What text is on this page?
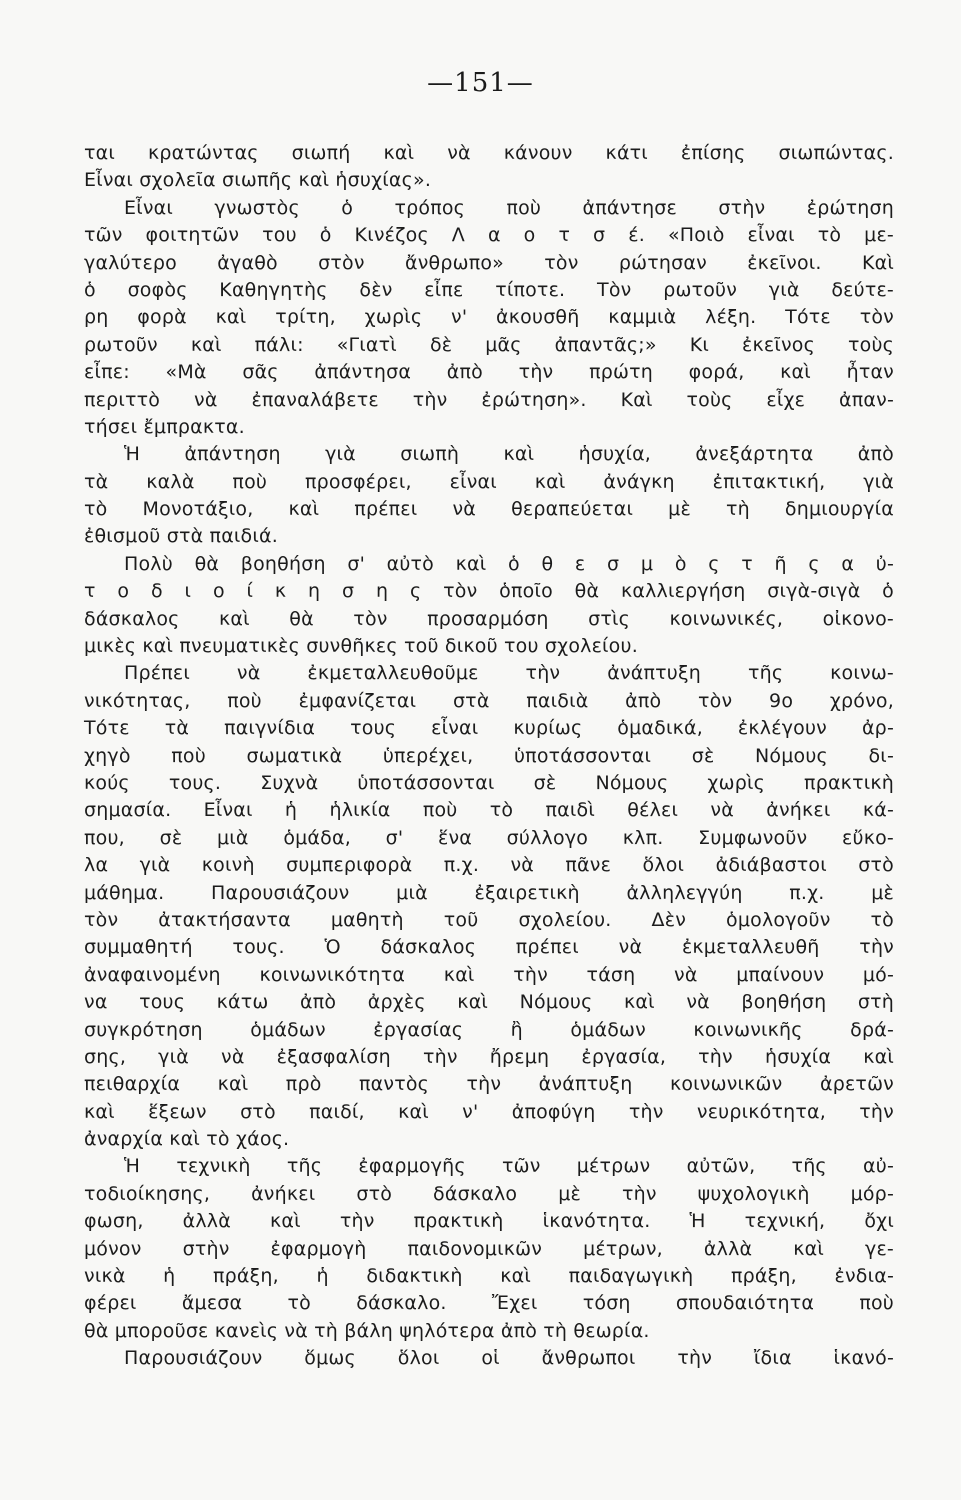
—151—
ται κρατώντας σιωπή καὶ νὰ κάνουν κάτι ἐπίσης σιωπώντας.
Εἶναι σχολεῖα σιωπῆς καὶ ἡσυχίας».
Εἶναι γνωστὸς ὁ τρόπος ποὺ ἀπάντησε στὴν ἐρώτηση
τῶν φοιτητῶν του ὁ Κινέζος Λ α ο τ σ έ. «Ποιὸ εἶναι τὸ με-
γαλύτερο ἀγαθὸ στὸν ἄνθρωπο» τὸν ρώτησαν ἐκεῖνοι. Καὶ
ὁ σοφὸς Καθηγητὴς δὲν εἶπε τίποτε. Τὸν ρωτοῦν γιὰ δεύτε-
ρη φορὰ καὶ τρίτη, χωρὶς ν' ἀκουσθῆ καμμιὰ λέξη. Τότε τὸν
ρωτοῦν καὶ πάλι: «Γιατὶ δὲ μᾶς ἀπαντᾶς;» Κι ἐκεῖνος τοὺς
εἶπε: «Μὰ σᾶς ἀπάντησα ἀπὸ τὴν πρώτη φορά, καὶ ἦταν
περιττὸ νὰ ἐπαναλάβετε τὴν ἐρώτηση». Καὶ τοὺς εἶχε ἀπαν-
τήσει ἔμπρακτα.
Ἡ ἀπάντηση γιὰ σιωπὴ καὶ ἡσυχία, ἀνεξάρτητα ἀπὸ
τὰ καλὰ ποὺ προσφέρει, εἶναι καὶ ἀνάγκη ἐπιτακτική, γιὰ
τὸ Μονοτάξιο, καὶ πρέπει νὰ θεραπεύεται μὲ τὴ δημιουργία
ἐθισμοῦ στὰ παιδιά.
Πολὺ θὰ βοηθήση σ' αὐτὸ καὶ ὁ θ ε σ μ ὸ ς τ ῆ ς α ὐ-
τ ο δ ι ο ί κ η σ η ς τὸν ὁποῖο θὰ καλλιεργήση σιγὰ-σιγὰ ὁ
δάσκαλος καὶ θὰ τὸν προσαρμόση στὶς κοινωνικές, οἰκονο-
μικὲς καὶ πνευματικὲς συνθῆκες τοῦ δικοῦ του σχολείου.
Πρέπει νὰ ἐκμεταλλευθοῦμε τὴν ἀνάπτυξη τῆς κοινω-
νικότητας, ποὺ ἐμφανίζεται στὰ παιδιὰ ἀπὸ τὸν 9ο χρόνο,
Τότε τὰ παιγνίδια τους εἶναι κυρίως ὁμαδικά, ἐκλέγουν ἀρ-
χηγὸ ποὺ σωματικὰ ὑπερέχει, ὑποτάσσονται σὲ Νόμους δι-
κούς τους. Συχνὰ ὑποτάσσονται σὲ Νόμους χωρὶς πρακτικὴ
σημασία. Εἶναι ἡ ἡλικία ποὺ τὸ παιδὶ θέλει νὰ ἀνήκει κά-
που, σὲ μιὰ ὁμάδα, σ' ἕνα σύλλογο κλπ. Συμφωνοῦν εὔκο-
λα γιὰ κοινὴ συμπεριφορὰ π.χ. νὰ πᾶνε ὅλοι ἀδιάβαστοι στὸ
μάθημα. Παρουσιάζουν μιὰ ἐξαιρετικὴ ἀλληλεγγύη π.χ. μὲ
τὸν ἀτακτήσαντα μαθητὴ τοῦ σχολείου. Δὲν ὁμολογοῦν τὸ
συμμαθητή τους. Ὁ δάσκαλος πρέπει νὰ ἐκμεταλλευθῆ τὴν
ἀναφαινομένη κοινωνικότητα καὶ τὴν τάση νὰ μπαίνουν μό-
να τους κάτω ἀπὸ ἀρχὲς καὶ Νόμους καὶ νὰ βοηθήση στὴ
συγκρότηση ὁμάδων ἐργασίας ἢ ὁμάδων κοινωνικῆς δρά-
σης, γιὰ νὰ ἐξασφαλίση τὴν ἤρεμη ἐργασία, τὴν ἡσυχία καὶ
πειθαρχία καὶ πρὸ παντὸς τὴν ἀνάπτυξη κοινωνικῶν ἀρετῶν
καὶ ἕξεων στὸ παιδί, καὶ ν' ἀποφύγη τὴν νευρικότητα, τὴν
ἀναρχία καὶ τὸ χάος.
Ἡ τεχνικὴ τῆς ἐφαρμογῆς τῶν μέτρων αὐτῶν, τῆς αὐ-
τοδιοίκησης, ἀνήκει στὸ δάσκαλο μὲ τὴν ψυχολογικὴ μόρ-
φωση, ἀλλὰ καὶ τὴν πρακτικὴ ἱκανότητα. Ἡ τεχνική, ὄχι
μόνον στὴν ἐφαρμογὴ παιδονομικῶν μέτρων, ἀλλὰ καὶ γε-
νικὰ ἡ πράξη, ἡ διδακτικὴ καὶ παιδαγωγικὴ πράξη, ἐνδια-
φέρει ἄμεσα τὸ δάσκαλο. Ἔχει τόση σπουδαιότητα ποὺ
θὰ μποροῦσε κανεὶς νὰ τὴ βάλη ψηλότερα ἀπὸ τὴ θεωρία.
Παρουσιάζουν ὅμως ὅλοι οἱ ἄνθρωποι τὴν ἴδια ἱκανό-
